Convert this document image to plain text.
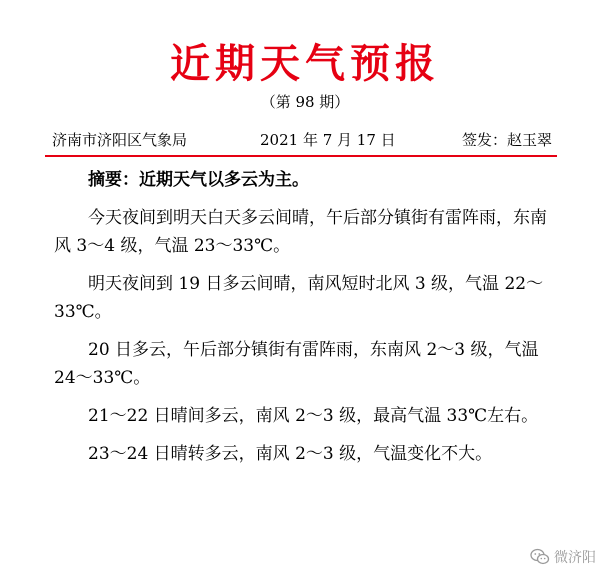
近期天气预报
（第 98 期）
济南市济阳区气象局	2021 年 7 月 17 日	签发：赵玉翠

摘要：近期天气以多云为主。

今天夜间到明天白天多云间晴，午后部分镇街有雷阵雨，东南风 3～4 级，气温 23～33℃。

明天夜间到 19 日多云间晴，南风短时北风 3 级，气温 22～33℃。

20 日多云，午后部分镇街有雷阵雨，东南风 2～3 级，气温 24～33℃。

21～22 日晴间多云，南风 2～3 级，最高气温 33℃左右。

23～24 日晴转多云，南风 2～3 级，气温变化不大。

微济阳
